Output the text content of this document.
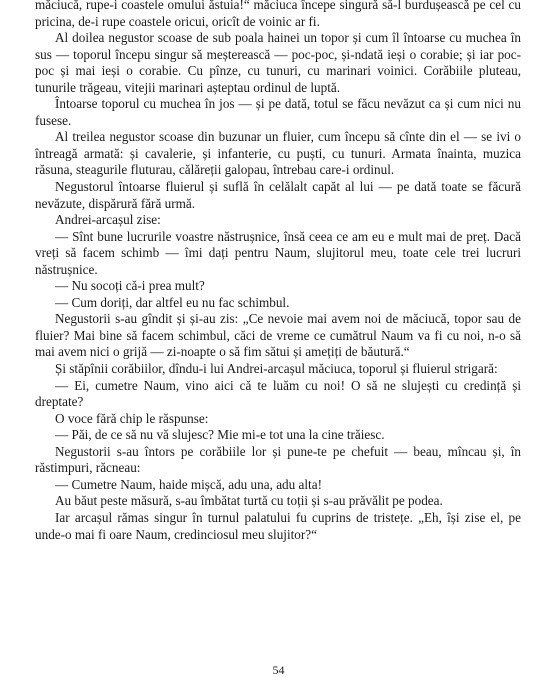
măciucă, rupe-i coastele omului ăstuia!“ măciuca începe singură să-l burdușească pe cel cu pricina, de-i rupe coastele oricui, oricît de voinic ar fi.

Al doilea negustor scoase de sub poala hainei un topor și cum îl întoarse cu muchea în sus — toporul începu singur să meșterească — poc-poc, și-ndată ieși o corabie; și iar poc-poc și mai ieși o corabie. Cu pînze, cu tunuri, cu marinari voinici. Corăbiile pluteau, tunurile trăgeau, vitejii marinari așteptau ordinul de luptă.

Întoarse toporul cu muchea în jos — și pe dată, totul se făcu nevăzut ca și cum nici nu fusese.

Al treilea negustor scoase din buzunar un fluier, cum începu să cînte din el — se ivi o întreagă armată: și cavalerie, și infanterie, cu puști, cu tunuri. Armata înainta, muzica răsuna, steagurile fluturau, călăreții galopau, întrebau care-i ordinul.

Negustorul întoarse fluierul și suflă în celălalt capăt al lui — pe dată toate se făcură nevăzute, dispărură fără urmă.

Andrei-arcașul zise:

— Sînt bune lucrurile voastre năstrușnice, însă ceea ce am eu e mult mai de preț. Dacă vreți să facem schimb — îmi dați pentru Naum, slujitorul meu, toate cele trei lucruri năstrușnice.

— Nu socoți că-i prea mult?

— Cum doriți, dar altfel eu nu fac schimbul.

Negustorii s-au gîndit și și-au zis: „Ce nevoie mai avem noi de măciucă, topor sau de fluier? Mai bine să facem schimbul, căci de vreme ce cumătrul Naum va fi cu noi, n-o să mai avem nici o grijă — zi-noapte o să fim sătui și amețiți de băutură.“

Și stăpînii corăbiilor, dîndu-i lui Andrei-arcașul măciuca, toporul și fluierul strigară:

— Ei, cumetre Naum, vino aici că te luăm cu noi! O să ne slujești cu credință și dreptate?

O voce fără chip le răspunse:

— Păi, de ce să nu vă slujesc? Mie mi-e tot una la cine trăiesc.

Negustorii s-au întors pe corăbiile lor și pune-te pe chefuit — beau, mîncau și, în răstimpuri, răcneau:

— Cumetre Naum, haide mișcă, adu una, adu alta!

Au băut peste măsură, s-au îmbătat turtă cu toții și s-au prăvălit pe podea.

Iar arcașul rămas singur în turnul palatului fu cuprins de tristețe. „Eh, își zise el, pe unde-o mai fi oare Naum, credinciosul meu slujitor?“

54
